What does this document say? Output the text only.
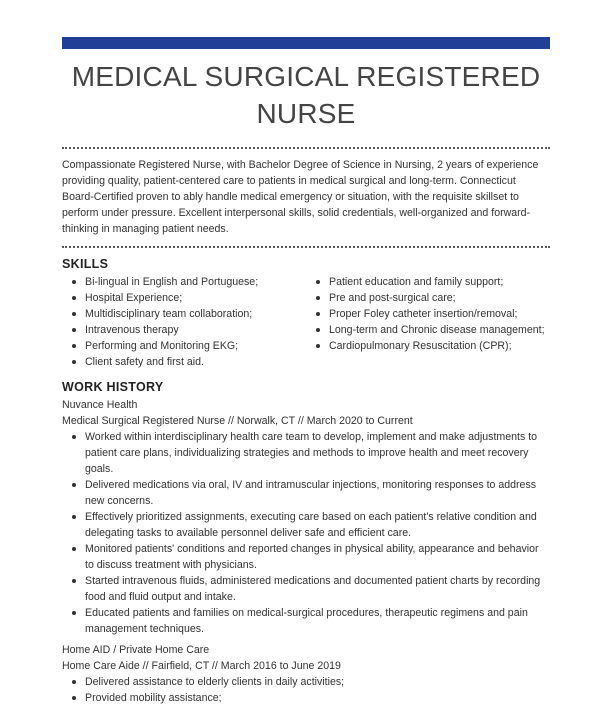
MEDICAL SURGICAL REGISTERED NURSE

Compassionate Registered Nurse, with Bachelor Degree of Science in Nursing, 2 years of experience providing quality, patient-centered care to patients in medical surgical and long-term. Connecticut Board-Certified proven to ably handle medical emergency or situation, with the requisite skillset to perform under pressure. Excellent interpersonal skills, solid credentials, well-organized and forward-thinking in managing patient needs.

SKILLS
Bi-lingual in English and Portuguese;
Hospital Experience;
Multidisciplinary team collaboration;
Intravenous therapy
Performing and Monitoring EKG;
Client safety and first aid.
Patient education and family support;
Pre and post-surgical care;
Proper Foley catheter insertion/removal;
Long-term and Chronic disease management;
Cardiopulmonary Resuscitation (CPR);
WORK HISTORY
Nuvance Health
Medical Surgical Registered Nurse // Norwalk, CT // March 2020 to Current
Worked within interdisciplinary health care team to develop, implement and make adjustments to patient care plans, individualizing strategies and methods to improve health and meet recovery goals.
Delivered medications via oral, IV and intramuscular injections, monitoring responses to address new concerns.
Effectively prioritized assignments, executing care based on each patient's relative condition and delegating tasks to available personnel deliver safe and efficient care.
Monitored patients' conditions and reported changes in physical ability, appearance and behavior to discuss treatment with physicians.
Started intravenous fluids, administered medications and documented patient charts by recording food and fluid output and intake.
Educated patients and families on medical-surgical procedures, therapeutic regimens and pain management techniques.
Home AID / Private Home Care
Home Care Aide // Fairfield, CT // March 2016 to June 2019
Delivered assistance to elderly clients in daily activities;
Provided mobility assistance;
